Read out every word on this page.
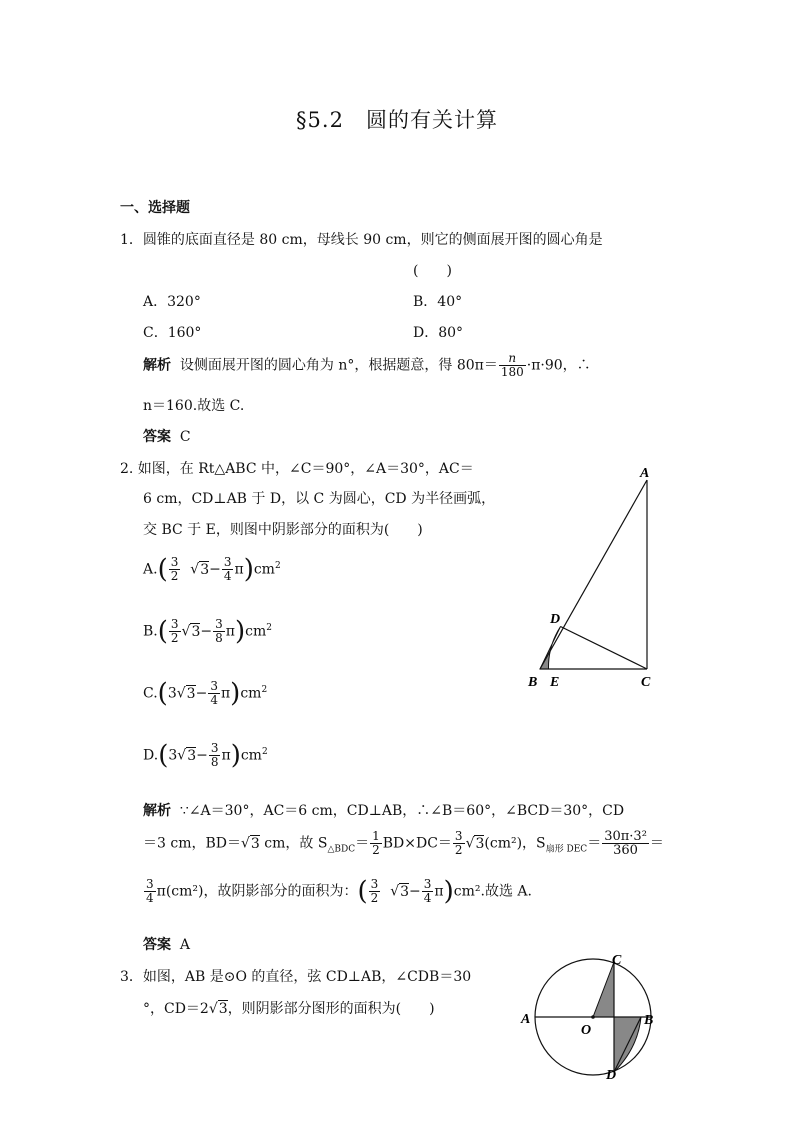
§5.2　圆的有关计算
一、选择题
1．圆锥的底面直径是 80 cm，母线长 90 cm，则它的侧面展开图的圆心角是
(　　)
A．320°	B．40°
C．160°	D．80°
解析 设侧面展开图的圆心角为 n°，根据题意，得 $80\pi= \frac{n}{180} \cdot\pi\cdot 90$，∴
n＝160.故选 C.
答案 C
2. 如图，在 Rt△ABC 中，∠C＝90°，∠A＝30°，AC＝
6 cm，CD⊥AB 于 D，以 C 为圆心，CD 为半径画弧，
交 BC 于 E，则图中阴影部分的面积为(　　)
$A.( \frac{3}{2} √3- \frac{3}{4} \pi)cm^2$
$B.( \frac{3}{2} √3- \frac{3}{8} \pi)cm^2$
$C.(3√3- \frac{3}{4} \pi)cm^2$
$D.(3√3- \frac{3}{8} \pi)cm^2$
A
D
B E	C
解析 ∵∠A＝30°，AC＝6 cm，CD⊥AB，∴∠B＝60°，∠BCD＝30°，CD
＝3 cm，BD＝√3 cm，故 $S_{\triangle BDC}= \frac{1}{2} BD\times DC= \frac{3}{2} √3(cm^2)$，$S_{扇形 DEC}= \frac{\text{30π·3²}}{360}$ ＝
$\frac{3}{4} \pi(cm^2)$，故阴影部分的面积为：( $\frac{3}{2} √3- \frac{3}{4} \pi)cm^2$.故选 A.
答案 A
3．如图，AB 是⊙O 的直径，弦 CD⊥AB，∠CDB＝30
°，CD＝2√3，则阴影部分图形的面积为(　　)
A
O
C
B
D
